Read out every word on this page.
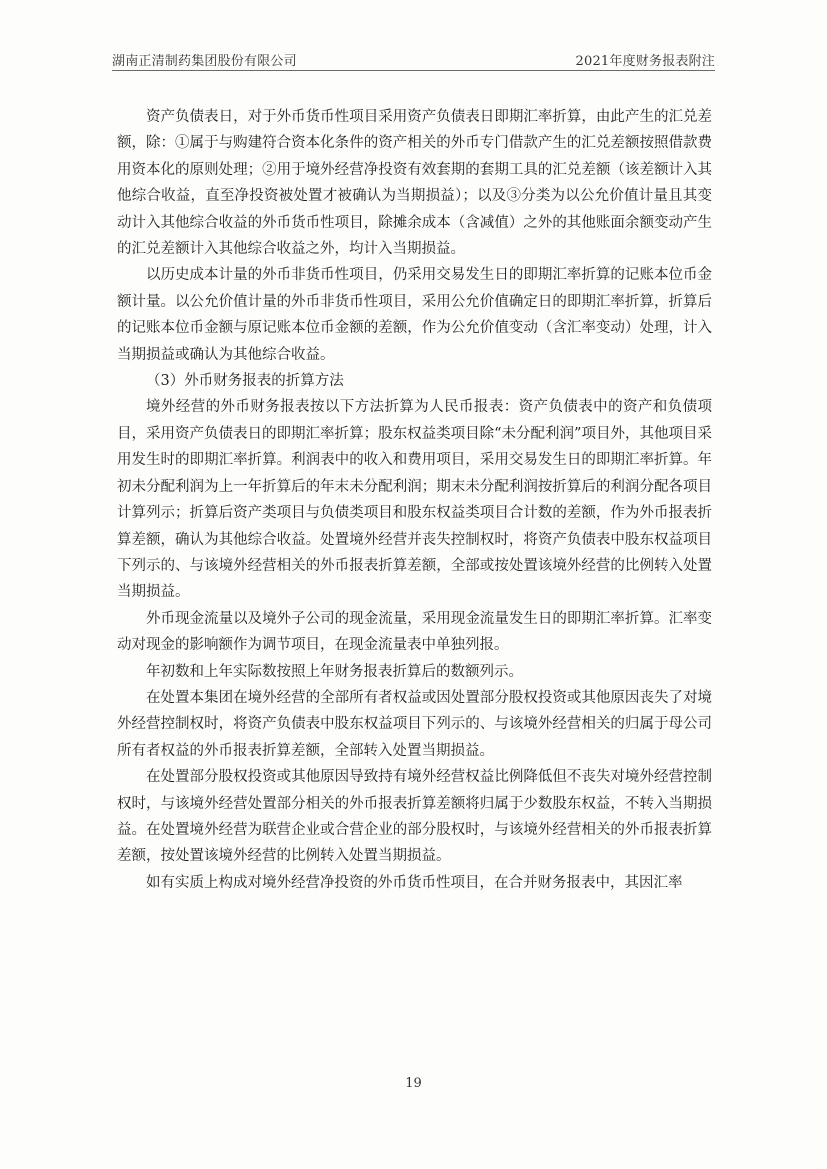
湖南正清制药集团股份有限公司	2021年度财务报表附注

资产负债表日，对于外币货币性项目采用资产负债表日即期汇率折算，由此产生的汇兑差额，除：①属于与购建符合资本化条件的资产相关的外币专门借款产生的汇兑差额按照借款费用资本化的原则处理；②用于境外经营净投资有效套期的套期工具的汇兑差额（该差额计入其他综合收益，直至净投资被处置才被确认为当期损益）；以及③分类为以公允价值计量且其变动计入其他综合收益的外币货币性项目，除摊余成本（含减值）之外的其他账面余额变动产生的汇兑差额计入其他综合收益之外，均计入当期损益。

以历史成本计量的外币非货币性项目，仍采用交易发生日的即期汇率折算的记账本位币金额计量。以公允价值计量的外币非货币性项目，采用公允价值确定日的即期汇率折算，折算后的记账本位币金额与原记账本位币金额的差额，作为公允价值变动（含汇率变动）处理，计入当期损益或确认为其他综合收益。

（3）外币财务报表的折算方法

境外经营的外币财务报表按以下方法折算为人民币报表：资产负债表中的资产和负债项目，采用资产负债表日的即期汇率折算；股东权益类项目除“未分配利润”项目外，其他项目采用发生时的即期汇率折算。利润表中的收入和费用项目，采用交易发生日的即期汇率折算。年初未分配利润为上一年折算后的年末未分配利润；期末未分配利润按折算后的利润分配各项目计算列示；折算后资产类项目与负债类项目和股东权益类项目合计数的差额，作为外币报表折算差额，确认为其他综合收益。处置境外经营并丧失控制权时，将资产负债表中股东权益项目下列示的、与该境外经营相关的外币报表折算差额，全部或按处置该境外经营的比例转入处置当期损益。

外币现金流量以及境外子公司的现金流量，采用现金流量发生日的即期汇率折算。汇率变动对现金的影响额作为调节项目，在现金流量表中单独列报。

年初数和上年实际数按照上年财务报表折算后的数额列示。

在处置本集团在境外经营的全部所有者权益或因处置部分股权投资或其他原因丧失了对境外经营控制权时，将资产负债表中股东权益项目下列示的、与该境外经营相关的归属于母公司所有者权益的外币报表折算差额，全部转入处置当期损益。

在处置部分股权投资或其他原因导致持有境外经营权益比例降低但不丧失对境外经营控制权时，与该境外经营处置部分相关的外币报表折算差额将归属于少数股东权益，不转入当期损益。在处置境外经营为联营企业或合营企业的部分股权时，与该境外经营相关的外币报表折算差额，按处置该境外经营的比例转入处置当期损益。

如有实质上构成对境外经营净投资的外币货币性项目，在合并财务报表中，其因汇率

19
